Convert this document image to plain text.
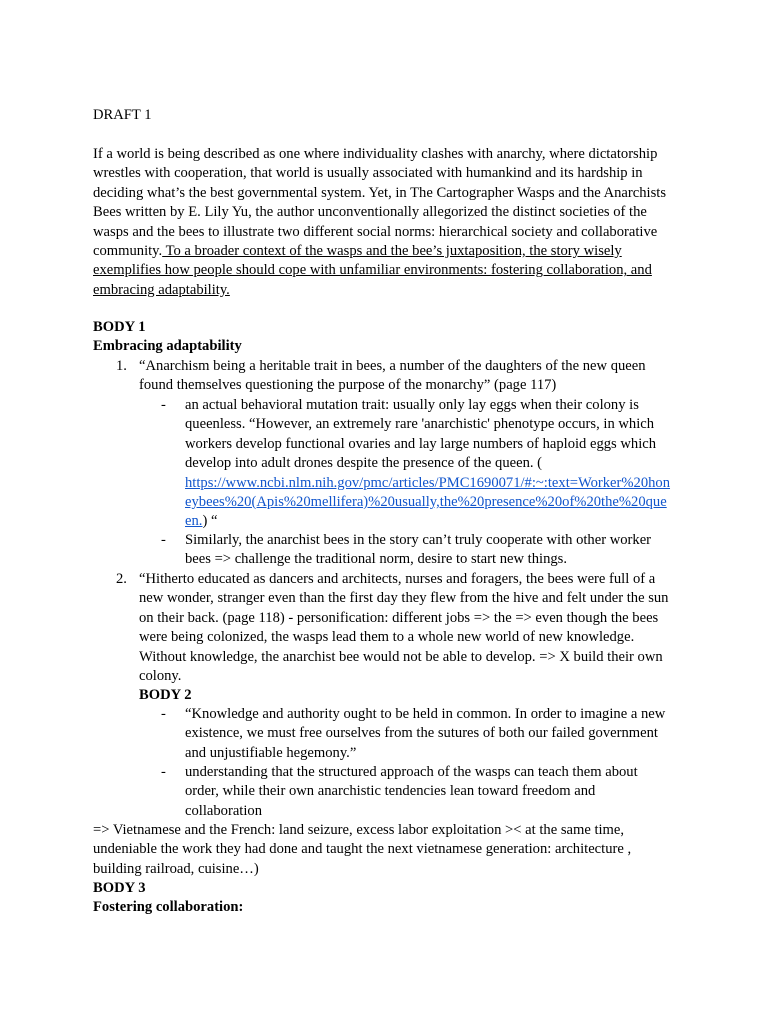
DRAFT 1
If a world is being described as one where individuality clashes with anarchy, where dictatorship wrestles with cooperation, that world is usually associated with humankind and its hardship in deciding what’s the best governmental system. Yet, in The Cartographer Wasps and the Anarchists Bees written by E. Lily Yu, the author unconventionally allegorized the distinct societies of the wasps and the bees to illustrate two different social norms: hierarchical society and collaborative community. To a broader context of the wasps and the bee’s juxtaposition, the story wisely exemplifies how people should cope with unfamiliar environments: fostering collaboration, and embracing adaptability.
BODY 1
Embracing adaptability
1. “Anarchism being a heritable trait in bees, a number of the daughters of the new queen found themselves questioning the purpose of the monarchy” (page 117)
- an actual behavioral mutation trait: usually only lay eggs when their colony is queenless. “However, an extremely rare 'anarchistic' phenotype occurs, in which workers develop functional ovaries and lay large numbers of haploid eggs which develop into adult drones despite the presence of the queen. (
https://www.ncbi.nlm.nih.gov/pmc/articles/PMC1690071/#:~:text=Worker%20honeybees%20(Apis%20mellifera)%20usually,the%20presence%20of%20the%20queen.) “
- Similarly, the anarchist bees in the story can’t truly cooperate with other worker bees => challenge the traditional norm, desire to start new things.
2. “Hitherto educated as dancers and architects, nurses and foragers, the bees were full of a new wonder, stranger even than the first day they flew from the hive and felt under the sun on their back. (page 118) - personification: different jobs => the => even though the bees were being colonized, the wasps lead them to a whole new world of new knowledge. Without knowledge, the anarchist bee would not be able to develop. => X build their own colony.
BODY 2
- “Knowledge and authority ought to be held in common. In order to imagine a new existence, we must free ourselves from the sutures of both our failed government and unjustifiable hegemony.”
- understanding that the structured approach of the wasps can teach them about order, while their own anarchistic tendencies lean toward freedom and collaboration
=> Vietnamese and the French: land seizure, excess labor exploitation >< at the same time, undeniable the work they had done and taught the next vietnamese generation: architecture , building railroad, cuisine…)
BODY 3
Fostering collaboration:
